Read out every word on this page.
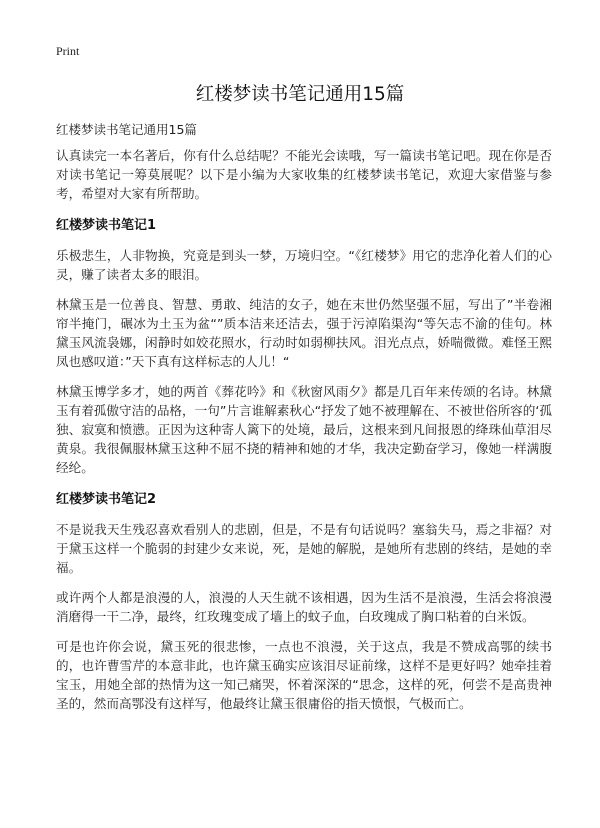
Print
红楼梦读书笔记通用15篇
红楼梦读书笔记通用15篇

认真读完一本名著后，你有什么总结呢？不能光会读哦，写一篇读书笔记吧。现在你是否对读书笔记一筹莫展呢？以下是小编为大家收集的红楼梦读书笔记，欢迎大家借鉴与参考，希望对大家有所帮助。

红楼梦读书笔记1

乐极悲生，人非物换，究竟是到头一梦，万境归空。“《红楼梦》用它的悲净化着人们的心灵，赚了读者太多的眼泪。

林黛玉是一位善良、智慧、勇敢、纯洁的女子，她在末世仍然坚强不屈，写出了”半卷湘帘半掩门，碾冰为土玉为盆“”质本洁来还洁去，强于污淖陷渠沟“等矢志不渝的佳句。林黛玉风流袅娜，闲静时如姣花照水，行动时如弱柳扶风。泪光点点，娇喘微微。难怪王熙凤也感叹道：”天下真有这样标志的人儿！“

林黛玉博学多才，她的两首《葬花吟》和《秋窗风雨夕》都是几百年来传颂的名诗。林黛玉有着孤傲守洁的品格，一句”片言谁解素秋心“抒发了她不被理解在、不被世俗所容的‘孤独、寂寞和愤懑。正因为这种寄人篱下的处境，最后，这根来到凡间报恩的绛珠仙草泪尽黄泉。我很佩服林黛玉这种不屈不挠的精神和她的才华，我决定勤奋学习，像她一样满腹经纶。

红楼梦读书笔记2

不是说我天生残忍喜欢看别人的悲剧，但是，不是有句话说吗？塞翁失马，焉之非福？对于黛玉这样一个脆弱的封建少女来说，死，是她的解脱，是她所有悲剧的终结，是她的幸福。

或许两个人都是浪漫的人，浪漫的人天生就不该相遇，因为生活不是浪漫，生活会将浪漫消磨得一干二净，最终，红玫瑰变成了墙上的蚊子血，白玫瑰成了胸口粘着的白米饭。

可是也许你会说，黛玉死的很悲惨，一点也不浪漫，关于这点，我是不赞成高鄂的续书的，也许曹雪芹的本意非此，也许黛玉确实应该泪尽证前缘，这样不是更好吗？她牵挂着宝玉，用她全部的热情为这一知己痛哭，怀着深深的“思念，这样的死，何尝不是高贵神圣的，然而高鄂没有这样写，他最终让黛玉很庸俗的指天愤恨，气极而亡。
